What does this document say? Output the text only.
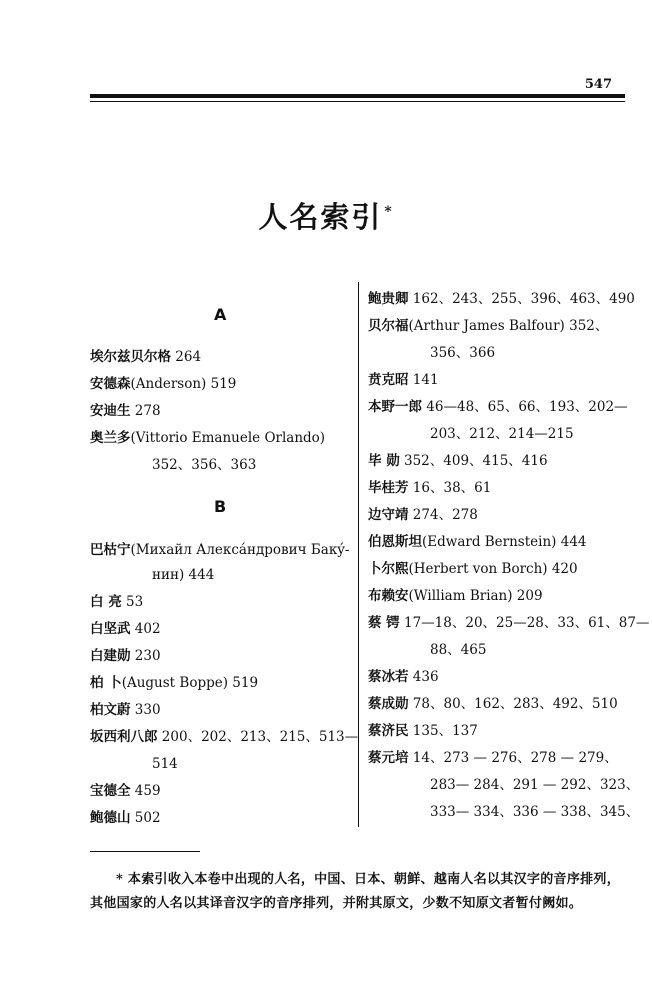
547
人名索引 *
A
埃尔兹贝尔格 264
安德森(Anderson) 519
安迪生 278
奥兰多(Vittorio Emanuele Orlando)
352、356、363
B
巴枯宁(Михайл Алексáндрович Бакý-
нин) 444
白 亮 53
白坚武 402
白建勋 230
柏 卜(August Boppe) 519
柏文蔚 330
坂西利八郎 200、202、213、215、513—
514
宝德全 459
鲍德山 502
鲍贵卿 162、243、255、396、463、490
贝尔福(Arthur James Balfour) 352、
356、366
贲克昭 141
本野一郎 46—48、65、66、193、202—
203、212、214—215
毕 勋 352、409、415、416
毕桂芳 16、38、61
边守靖 274、278
伯恩斯坦(Edward Bernstein) 444
卜尔熙(Herbert von Borch) 420
布赖安(William Brian) 209
蔡 锷 17—18、20、25—28、33、61、87—
88、465
蔡冰若 436
蔡成勋 78、80、162、283、492、510
蔡济民 135、137
蔡元培 14、273 — 276、278 — 279、
283— 284、291 — 292、323、
333— 334、336 — 338、345、
* 本索引收入本卷中出现的人名，中国、日本、朝鲜、越南人名以其汉字的音序排列，其他国家的人名以其译音汉字的音序排列，并附其原文，少数不知原文者暂付阙如。
